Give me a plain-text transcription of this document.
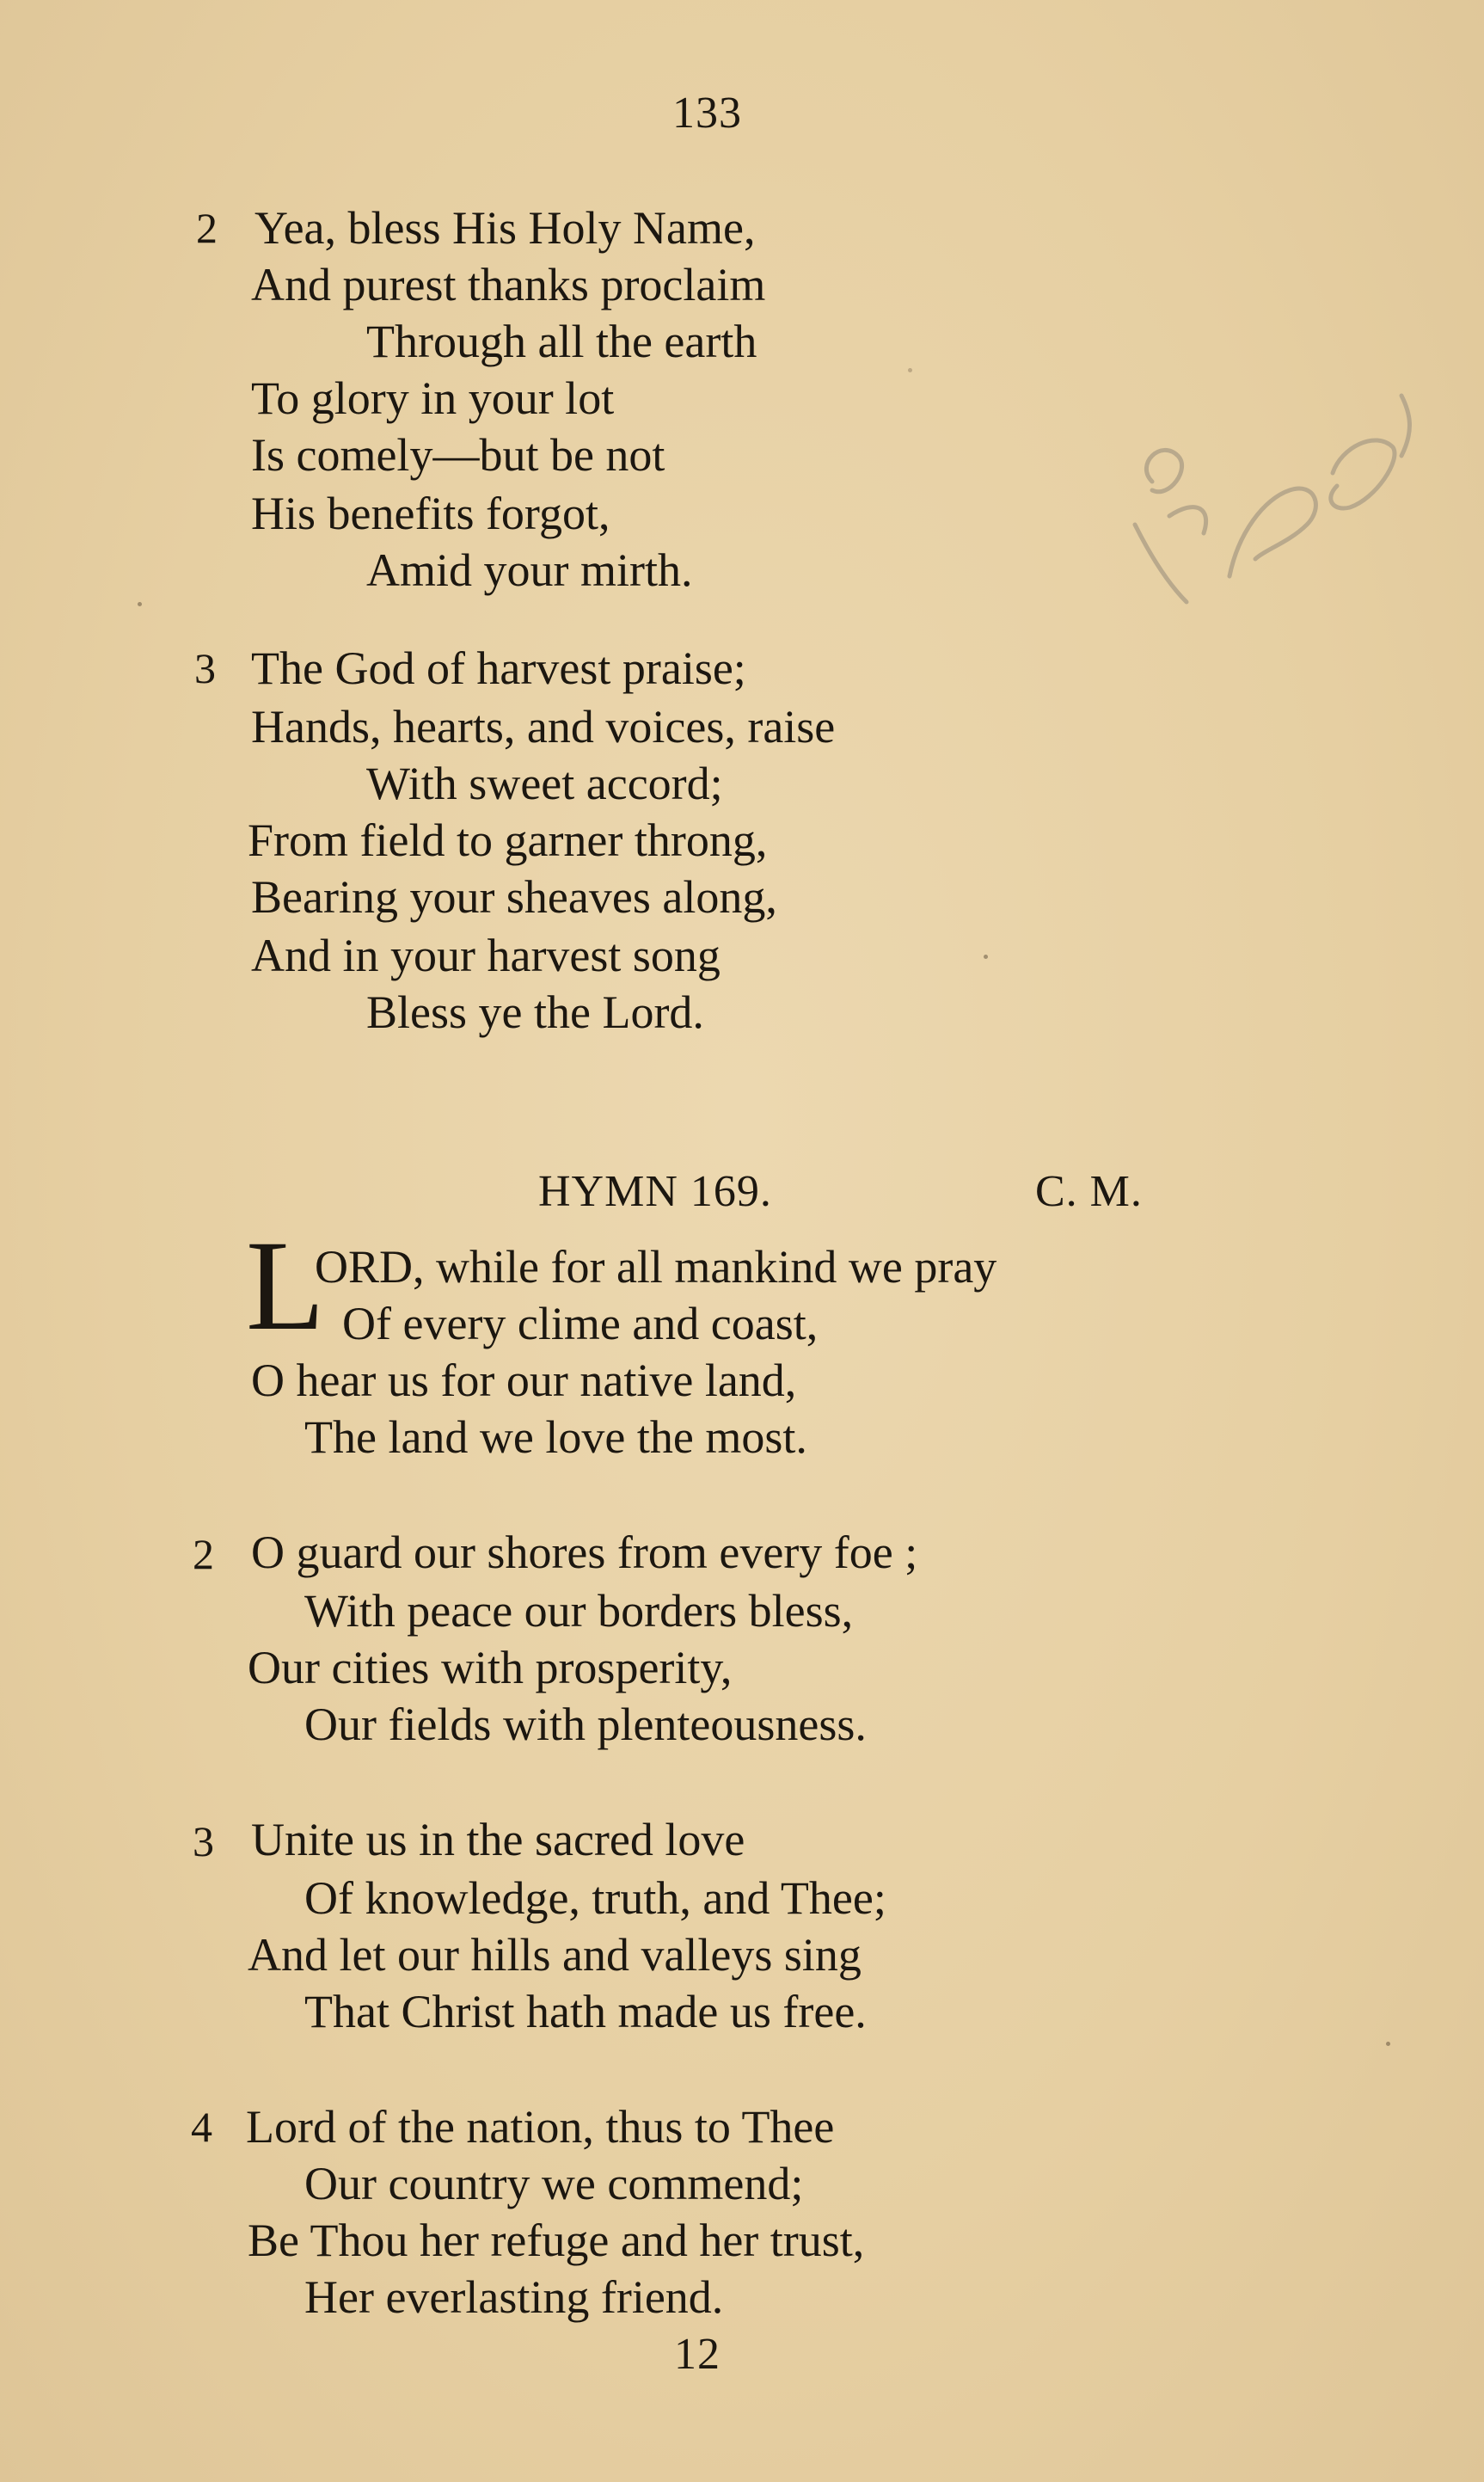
133
2 Yea, bless His Holy Name,
And purest thanks proclaim
Through all the earth
To glory in your lot
Is comely—but be not
His benefits forgot,
Amid your mirth.
3 The God of harvest praise;
Hands, hearts, and voices, raise
With sweet accord;
From field to garner throng,
Bearing your sheaves along,
And in your harvest song
Bless ye the Lord.
HYMN 169.	C. M.
L
ORD, while for all mankind we pray
Of every clime and coast,
O hear us for our native land,
The land we love the most.
2 O guard our shores from every foe ;
With peace our borders bless,
Our cities with prosperity,
Our fields with plenteousness.
3 Unite us in the sacred love
Of knowledge, truth, and Thee;
And let our hills and valleys sing
That Christ hath made us free.
4 Lord of the nation, thus to Thee
Our country we commend;
Be Thou her refuge and her trust,
Her everlasting friend.
12
